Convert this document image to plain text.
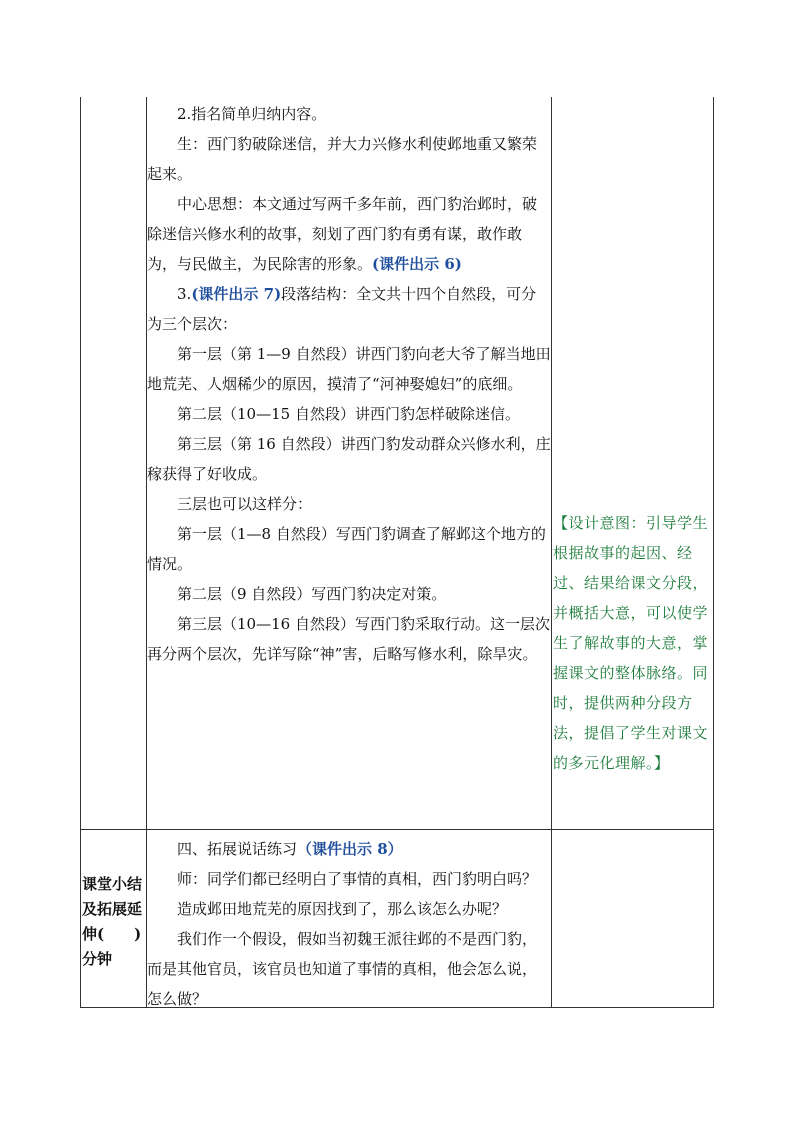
2.指名简单归纳内容。

生：西门豹破除迷信，并大力兴修水利使邺地重又繁荣起来。

中心思想：本文通过写两千多年前，西门豹治邺时，破除迷信兴修水利的故事，刻划了西门豹有勇有谋，敢作敢为，与民做主，为民除害的形象。(课件出示 6)

3.(课件出示 7)段落结构：全文共十四个自然段，可分为三个层次：

第一层（第 1—9 自然段）讲西门豹向老大爷了解当地田地荒芜、人烟稀少的原因，摸清了“河神娶媳妇”的底细。

第二层（10—15 自然段）讲西门豹怎样破除迷信。

第三层（第 16 自然段）讲西门豹发动群众兴修水利，庄稼获得了好收成。

三层也可以这样分：

第一层（1—8 自然段）写西门豹调查了解邺这个地方的情况。

第二层（9 自然段）写西门豹决定对策。

第三层（10—16 自然段）写西门豹采取行动。这一层次再分两个层次，先详写除“神”害，后略写修水利，除旱灾。

【设计意图：引导学生根据故事的起因、经过、结果给课文分段，并概括大意，可以使学生了解故事的大意，掌握课文的整体脉络。同时，提供两种分段方法，提倡了学生对课文的多元化理解。】

课堂小结

及拓展延

伸(　　)

分钟

四、拓展说话练习（课件出示 8）

师：同学们都已经明白了事情的真相，西门豹明白吗？

造成邺田地荒芜的原因找到了，那么该怎么办呢？

我们作一个假设，假如当初魏王派往邺的不是西门豹，而是其他官员，该官员也知道了事情的真相，他会怎么说，怎么做？
